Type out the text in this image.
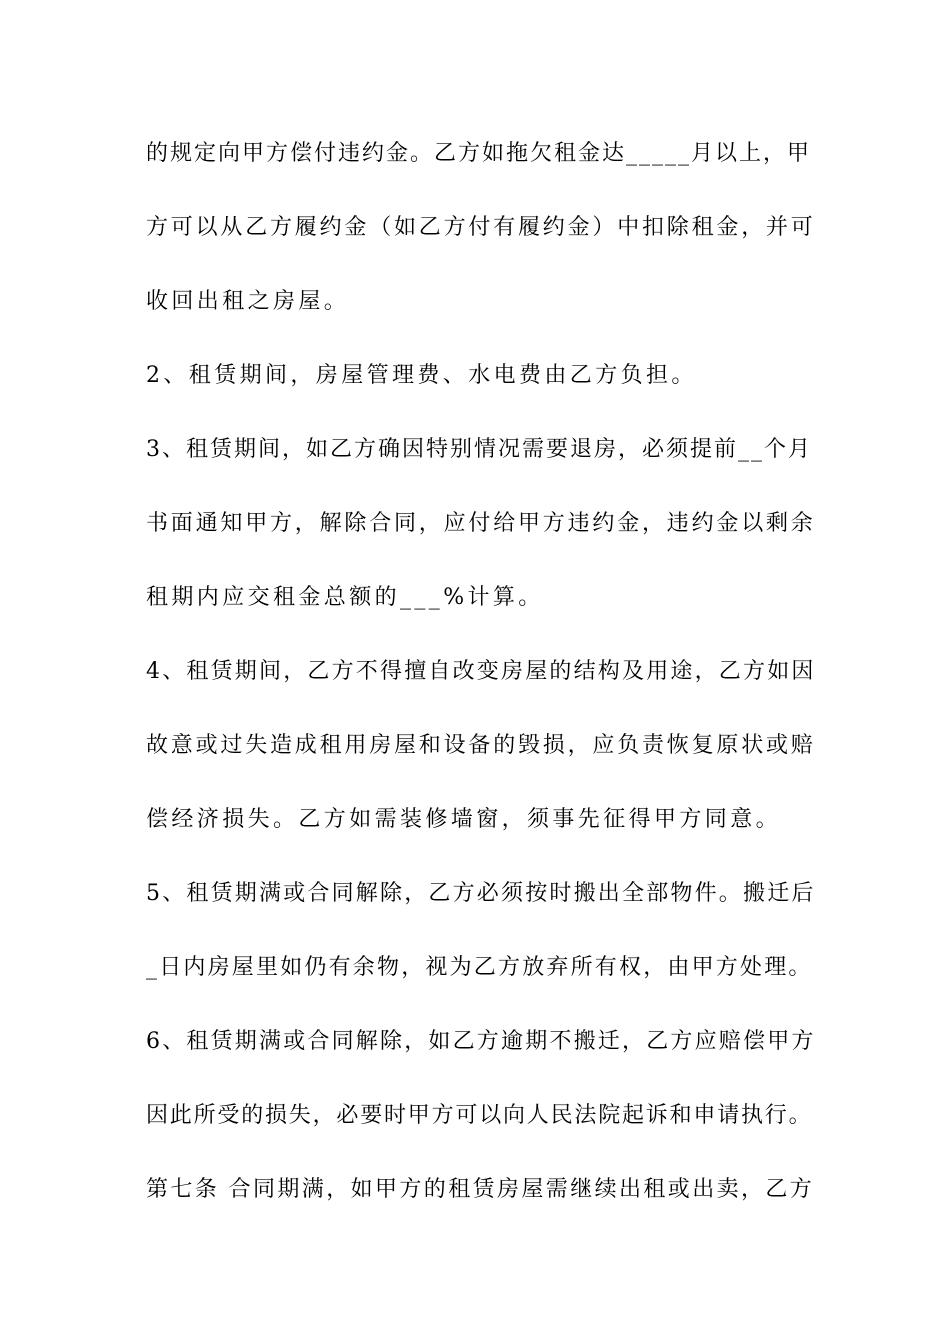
的规定向甲方偿付违约金。乙方如拖欠租金达_____月以上，甲
方可以从乙方履约金（如乙方付有履约金）中扣除租金，并可
收回出租之房屋。
2、租赁期间，房屋管理费、水电费由乙方负担。
3、租赁期间，如乙方确因特别情况需要退房，必须提前__个月
书面通知甲方，解除合同，应付给甲方违约金，违约金以剩余
租期内应交租金总额的___%计算。
4、租赁期间，乙方不得擅自改变房屋的结构及用途，乙方如因
故意或过失造成租用房屋和设备的毁损，应负责恢复原状或赔
偿经济损失。乙方如需装修墙窗，须事先征得甲方同意。
5、租赁期满或合同解除，乙方必须按时搬出全部物件。搬迁后
_日内房屋里如仍有余物，视为乙方放弃所有权，由甲方处理。
6、租赁期满或合同解除，如乙方逾期不搬迁，乙方应赔偿甲方
因此所受的损失，必要时甲方可以向人民法院起诉和申请执行。
第七条 合同期满，如甲方的租赁房屋需继续出租或出卖，乙方
